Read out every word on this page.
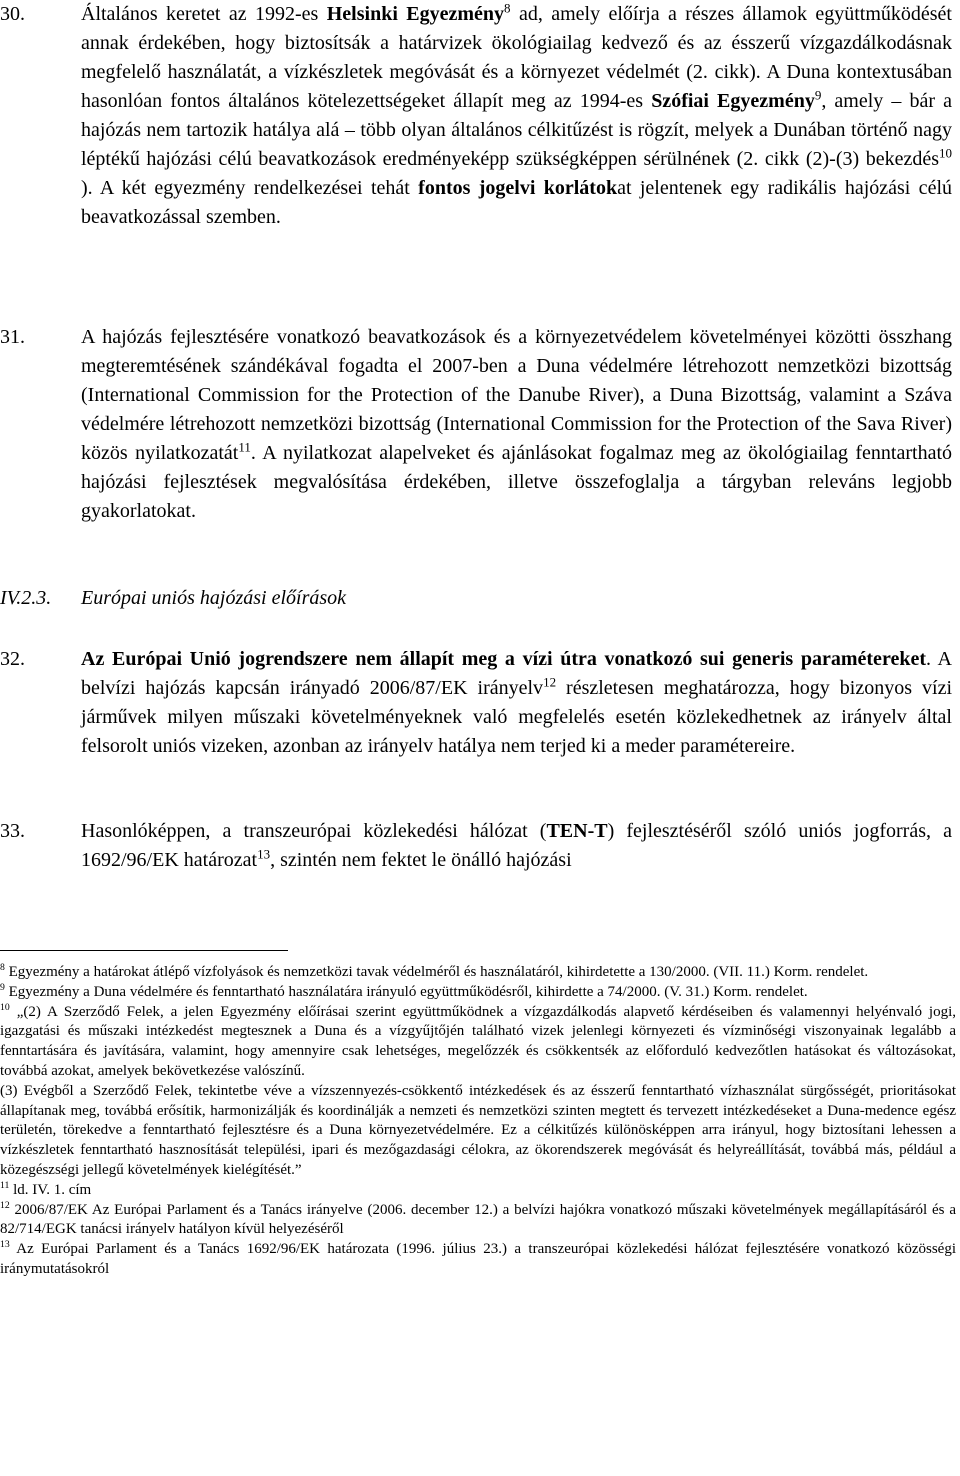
30.	Általános keretet az 1992-es Helsinki Egyezmény$^8$ ad, amely előírja a részes államok együttműködését annak érdekében, hogy biztosítsák a határvizek ökológiailag kedvező és az ésszerű vízgazdálkodásnak megfelelő használatát, a vízkészletek megóvását és a környezet védelmét (2. cikk). A Duna kontextusában hasonlóan fontos általános kötelezettségeket állapít meg az 1994-es Szófiai Egyezmény$^9$, amely – bár a hajózás nem tartozik hatálya alá – több olyan általános célkitűzést is rögzít, melyek a Dunában történő nagy léptékű hajózási célú beavatkozások eredményeképp szükségképpen sérülnének (2. cikk (2)-(3) bekezdés$^{10}$ ). A két egyezmény rendelkezései tehát fontos jogelvi korlátokat jelentenek egy radikális hajózási célú beavatkozással szemben.
31.	A hajózás fejlesztésére vonatkozó beavatkozások és a környezetvédelem követelményei közötti összhang megteremtésének szándékával fogadta el 2007-ben a Duna védelmére létrehozott nemzetközi bizottság (International Commission for the Protection of the Danube River), a Duna Bizottság, valamint a Száva védelmére létrehozott nemzetközi bizottság (International Commission for the Protection of the Sava River) közös nyilatkozatát$^{11}$. A nyilatkozat alapelveket és ajánlásokat fogalmaz meg az ökológiailag fenntartható hajózási fejlesztések megvalósítása érdekében, illetve összefoglalja a tárgyban releváns legjobb gyakorlatokat.
IV.2.3. Európai uniós hajózási előírások
32.	Az Európai Unió jogrendszere nem állapít meg a vízi útra vonatkozó sui generis paramétereket. A belvízi hajózás kapcsán irányadó 2006/87/EK irányelv$^{12}$ részletesen meghatározza, hogy bizonyos vízi járművek milyen műszaki követelményeknek való megfelelés esetén közlekedhetnek az irányelv által felsorolt uniós vizeken, azonban az irányelv hatálya nem terjed ki a meder paramétereire.
33.	Hasonlóképpen, a transzeurópai közlekedési hálózat (TEN-T) fejlesztéséről szóló uniós jogforrás, a 1692/96/EK határozat$^{13}$, szintén nem fektet le önálló hajózási

$^8$ Egyezmény a határokat átlépő vízfolyások és nemzetközi tavak védelméről és használatáról, kihirdetette a 130/2000. (VII. 11.) Korm. rendelet.

$^9$ Egyezmény a Duna védelmére és fenntartható használatára irányuló együttműködésről, kihirdette a 74/2000. (V. 31.) Korm. rendelet.

$^{10}$ „(2) A Szerződő Felek, a jelen Egyezmény előírásai szerint együttműködnek a vízgazdálkodás alapvető kérdéseiben és valamennyi helyénvaló jogi, igazgatási és műszaki intézkedést megtesznek a Duna és a vízgyűjtőjén található vizek jelenlegi környezeti és vízminőségi viszonyainak legalább a fenntartására és javítására, valamint, hogy amennyire csak lehetséges, megelőzzék és csökkentsék az előforduló kedvezőtlen hatásokat és változásokat, továbbá azokat, amelyek bekövetkezése valószínű.
(3) Evégből a Szerződő Felek, tekintetbe véve a vízszennyezés-csökkentő intézkedések és az ésszerű fenntartható vízhasználat sürgősségét, prioritásokat állapítanak meg, továbbá erősítik, harmonizálják és koordinálják a nemzeti és nemzetközi szinten megtett és tervezett intézkedéseket a Duna-medence egész területén, törekedve a fenntartható fejlesztésre és a Duna környezetvédelmére. Ez a célkitűzés különösképpen arra irányul, hogy biztosítani lehessen a vízkészletek fenntartható hasznosítását települési, ipari és mezőgazdasági célokra, az ökorendszerek megóvását és helyreállítását, továbbá más, például a közegészségi jellegű követelmények kielégítését.”

$^{11}$ ld. IV. 1. cím

$^{12}$ 2006/87/EK Az Európai Parlament és a Tanács irányelve (2006. december 12.) a belvízi hajókra vonatkozó műszaki követelmények megállapításáról és a 82/714/EGK tanácsi irányelv hatályon kívül helyezéséről

$^{13}$ Az Európai Parlament és a Tanács 1692/96/EK határozata (1996. július 23.) a transzeurópai közlekedési hálózat fejlesztésére vonatkozó közösségi iránymutatásokról
